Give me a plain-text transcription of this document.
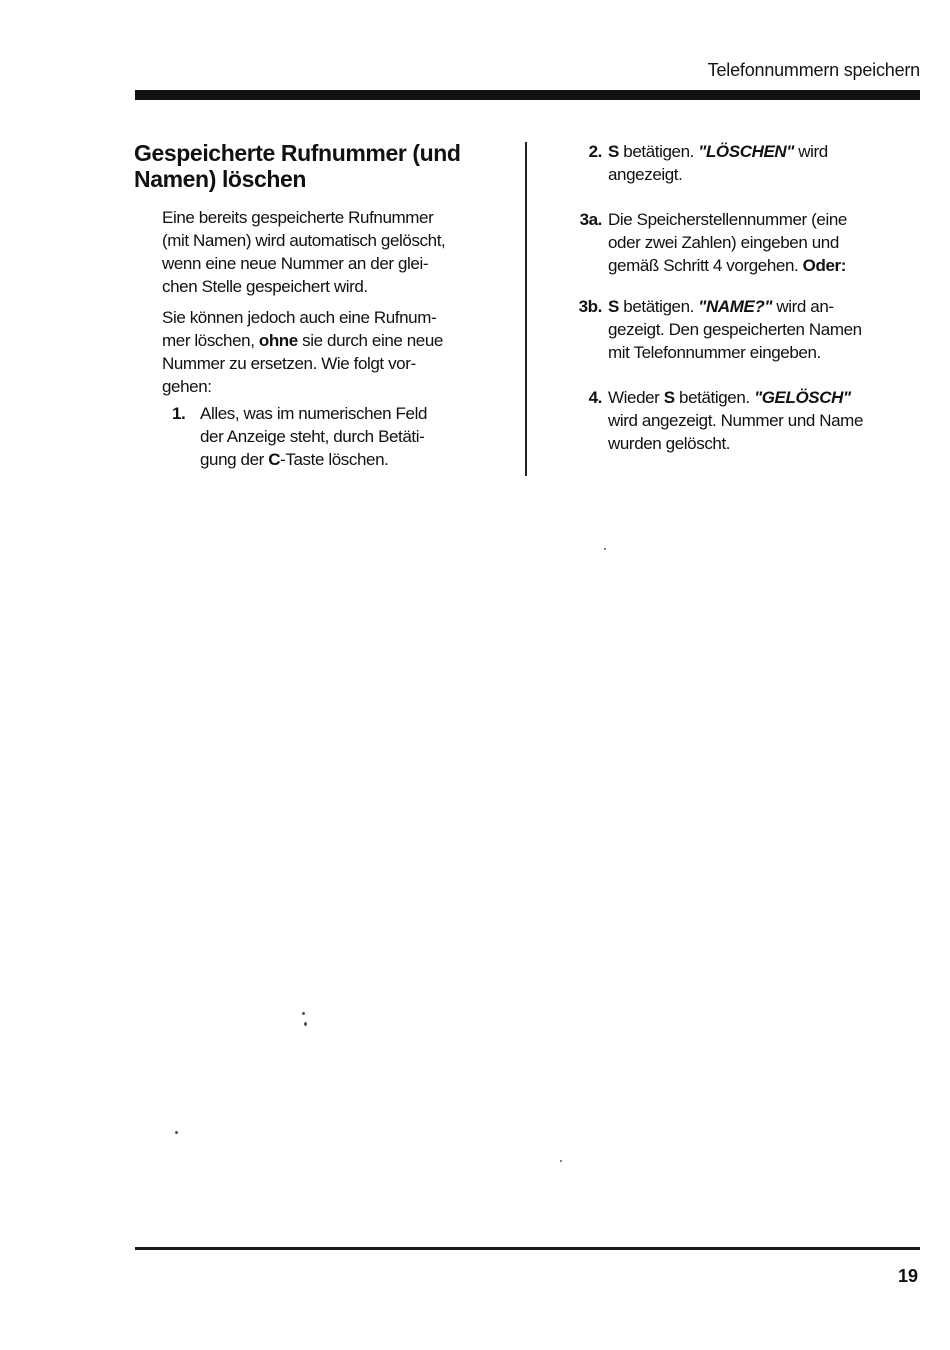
Telefonnummern speichern
Gespeicherte Rufnummer (und
Namen) löschen

Eine bereits gespeicherte Rufnummer
(mit Namen) wird automatisch gelöscht,
wenn eine neue Nummer an der glei-
chen Stelle gespeichert wird.

Sie können jedoch auch eine Rufnum-
mer löschen, ohne sie durch eine neue
Nummer zu ersetzen. Wie folgt vor-
gehen:

1. Alles, was im numerischen Feld
der Anzeige steht, durch Betäti-
gung der C-Taste löschen.
2. S betätigen. "LÖSCHEN" wird
angezeigt.
3a. Die Speicherstellennummer (eine
oder zwei Zahlen) eingeben und
gemäß Schritt 4 vorgehen. Oder:
3b. S betätigen. "NAME?" wird an-
gezeigt. Den gespeicherten Namen
mit Telefonnummer eingeben.
4. Wieder S betätigen. "GELÖSCH"
wird angezeigt. Nummer und Name
wurden gelöscht.
19
